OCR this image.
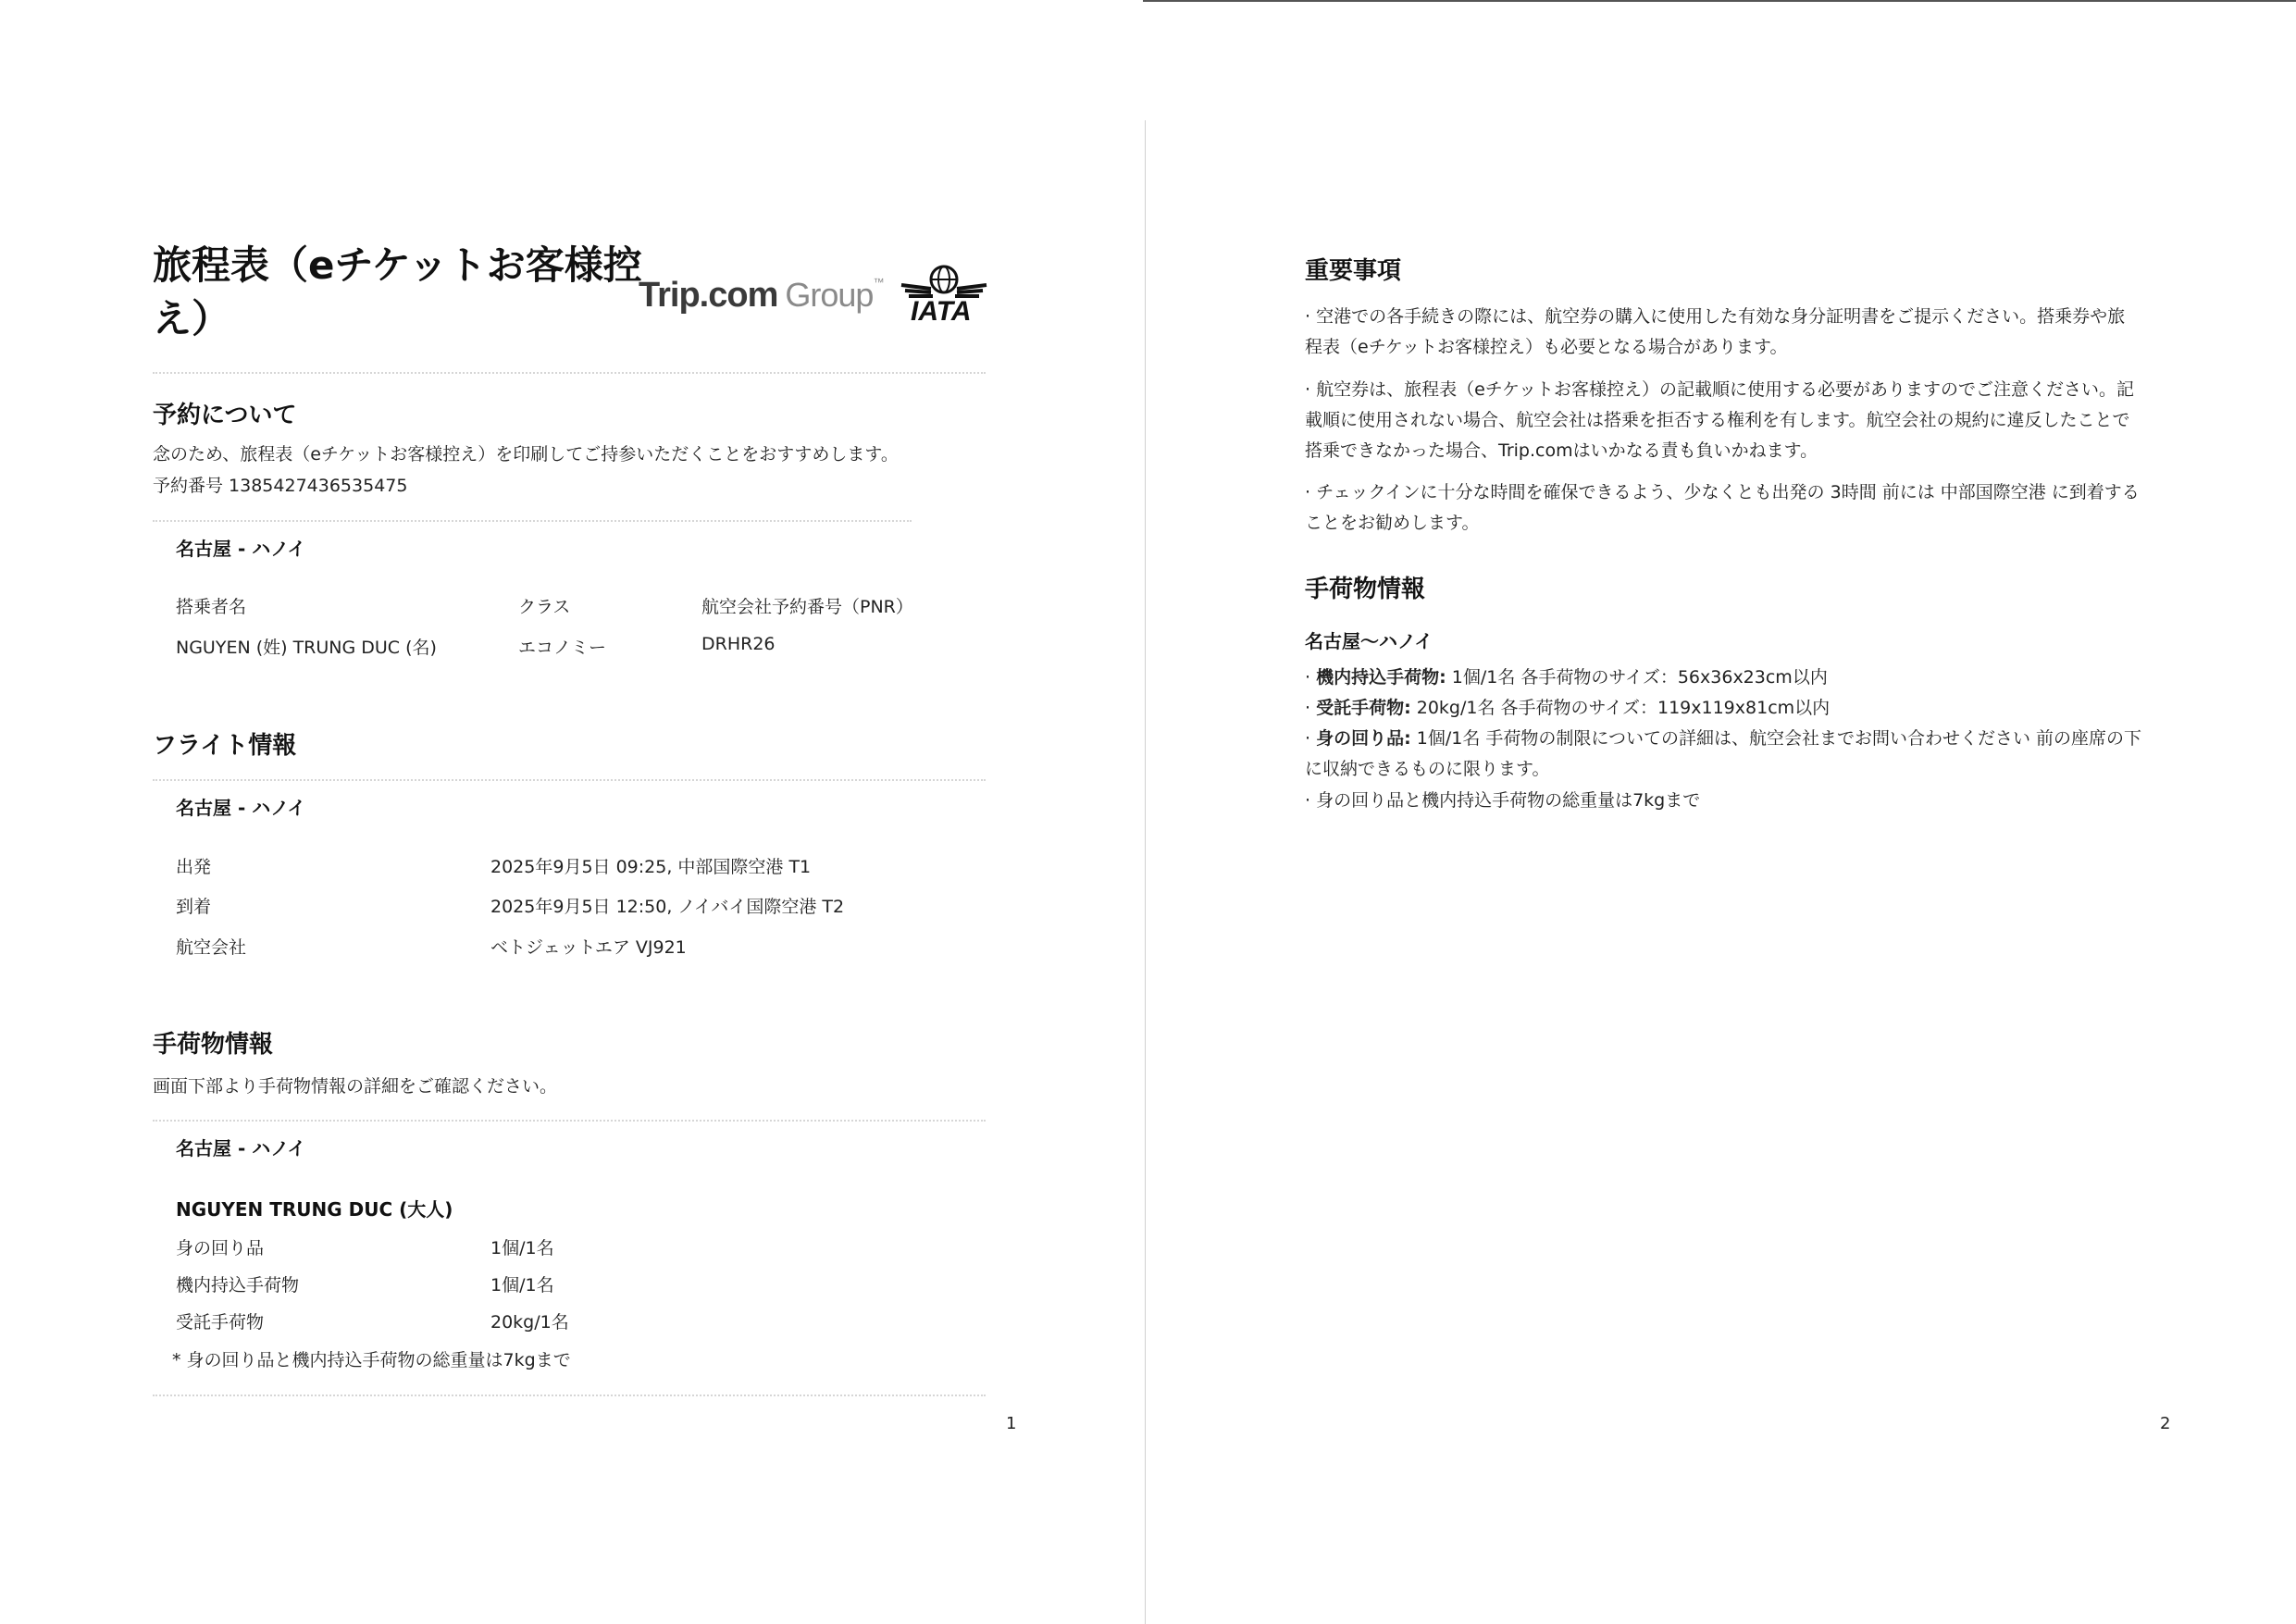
旅程表（eチケットお客様控
え）
Trip.com Group™
IATA
予約について
念のため、旅程表（eチケットお客様控え）を印刷してご持参いただくことをおすすめします。
予約番号 1385427436535475
名古屋 - ハノイ
搭乗者名	クラス	航空会社予約番号（PNR）
NGUYEN (姓) TRUNG DUC (名)	エコノミー	DRHR26
フライト情報
名古屋 - ハノイ
出発	2025年9月5日 09:25, 中部国際空港 T1
到着	2025年9月5日 12:50, ノイバイ国際空港 T2
航空会社	ベトジェットエア VJ921
手荷物情報
画面下部より手荷物情報の詳細をご確認ください。
名古屋 - ハノイ
NGUYEN TRUNG DUC (大人)
身の回り品	1個/1名
機内持込手荷物	1個/1名
受託手荷物	20kg/1名
* 身の回り品と機内持込手荷物の総重量は7kgまで
1
重要事項
· 空港での各手続きの際には、航空券の購入に使用した有効な身分証明書をご提示ください。搭乗券や旅程表（eチケットお客様控え）も必要となる場合があります。
· 航空券は、旅程表（eチケットお客様控え）の記載順に使用する必要がありますのでご注意ください。記載順に使用されない場合、航空会社は搭乗を拒否する権利を有します。航空会社の規約に違反したことで搭乗できなかった場合、Trip.comはいかなる責も負いかねます。
· チェックインに十分な時間を確保できるよう、少なくとも出発の 3時間 前には 中部国際空港 に到着することをお勧めします。
手荷物情報
名古屋〜ハノイ
· 機内持込手荷物: 1個/1名 各手荷物のサイズ：56x36x23cm以内
· 受託手荷物: 20kg/1名 各手荷物のサイズ：119x119x81cm以内
· 身の回り品: 1個/1名 手荷物の制限についての詳細は、航空会社までお問い合わせください 前の座席の下に収納できるものに限ります。
· 身の回り品と機内持込手荷物の総重量は7kgまで
2
